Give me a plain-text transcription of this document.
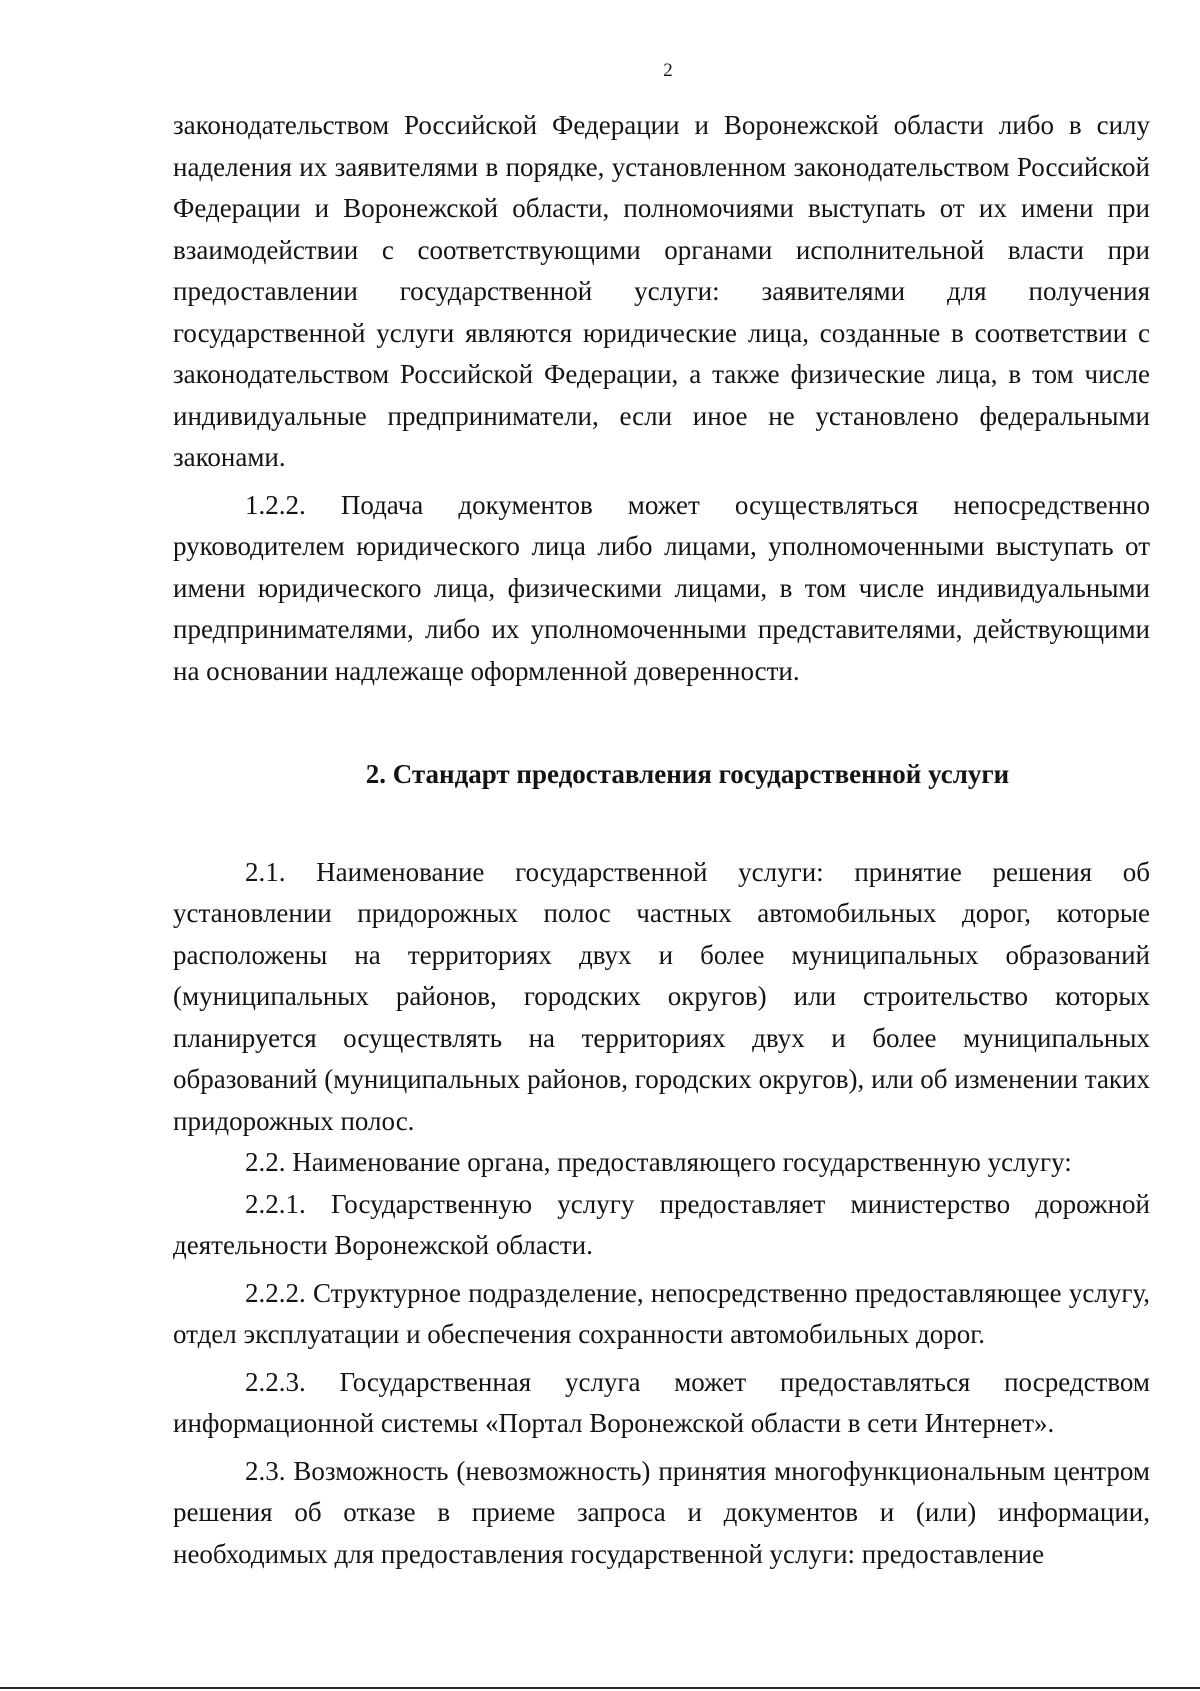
2

законодательством Российской Федерации и Воронежской области либо в силу наделения их заявителями в порядке, установленном законодательством Российской Федерации и Воронежской области, полномочиями выступать от их имени при взаимодействии с соответствующими органами исполнительной власти при предоставлении государственной услуги: заявителями для получения государственной услуги являются юридические лица, созданные в соответствии с законодательством Российской Федерации, а также физические лица, в том числе индивидуальные предприниматели, если иное не установлено федеральными законами.

1.2.2. Подача документов может осуществляться непосредственно руководителем юридического лица либо лицами, уполномоченными выступать от имени юридического лица, физическими лицами, в том числе индивидуальными предпринимателями, либо их уполномоченными представителями, действующими на основании надлежаще оформленной доверенности.

2. Стандарт предоставления государственной услуги

2.1. Наименование государственной услуги: принятие решения об установлении придорожных полос частных автомобильных дорог, которые расположены на территориях двух и более муниципальных образований (муниципальных районов, городских округов) или строительство которых планируется осуществлять на территориях двух и более муниципальных образований (муниципальных районов, городских округов), или об изменении таких придорожных полос.

2.2. Наименование органа, предоставляющего государственную услугу:

2.2.1. Государственную услугу предоставляет министерство дорожной деятельности Воронежской области.

2.2.2. Структурное подразделение, непосредственно предоставляющее услугу, отдел эксплуатации и обеспечения сохранности автомобильных дорог.

2.2.3. Государственная услуга может предоставляться посредством информационной системы «Портал Воронежской области в сети Интернет».

2.3. Возможность (невозможность) принятия многофункциональным центром решения об отказе в приеме запроса и документов и (или) информации, необходимых для предоставления государственной услуги: предоставление
